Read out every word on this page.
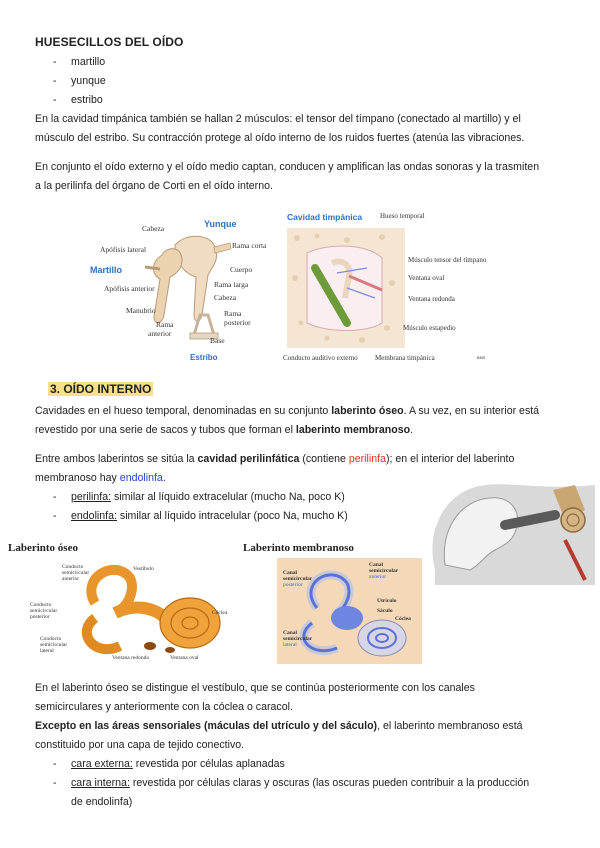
HUESECILLOS DEL OÍDO
- martillo
- yunque
- estribo
En la cavidad timpánica también se hallan 2 músculos: el tensor del tímpano (conectado al martillo) y el
músculo del estribo. Su contracción protege al oído interno de los ruidos fuertes (atenúa las vibraciones.
En conjunto el oído externo y el oído medio captan, conducen y amplifican las ondas sonoras y la trasmiten
a la perilinfa del órgano de Corti en el oído interno.
Cabeza	Yunque
Apófisis lateral
Martillo
Apófisis anterior
Manubrio
Rama
anterior
Rama corta
Cuerpo
Rama larga
Cabeza
Rama
posterior
Base
Estribo
Cavidad timpánica	Hueso temporal
Músculo tensor del tímpano
Ventana oval
Ventana redonda
Músculo estapedio
Conducto auditivo externo Membrana timpánica	ears
3. OÍDO INTERNO
Cavidades en el hueso temporal, denominadas en su conjunto laberinto óseo. A su vez, en su interior está
revestido por una serie de sacos y tubos que forman el laberinto membranoso.
Entre ambos laberintos se sitúa la cavidad perilinfática (contiene perilinfa); en el interior del laberinto
membranoso hay endolinfa.
- perilinfa: similar al líquido extracelular (mucho Na, poco K)
- endolinfa: similar al líquido intracelular (poco Na, mucho K)
Laberinto óseo	Laberinto membranoso
Conducto
semicircular
anterior
Vestíbulo
Conducto
semicircular
posterior
Cóclea
Conducto
semicircular
lateral
Ventana redonda	Ventana oval
Canal
semicircular
posterior
Canal
semicircular
anterior
Utrículo
Sáculo
Cóclea
Canal
semicircular
lateral
En el laberinto óseo se distingue el vestíbulo, que se continúa posteriormente con los canales
semicirculares y anteriormente con la cóclea o caracol.
Excepto en las áreas sensoriales (máculas del utrículo y del sáculo), el laberinto membranoso está
constituido por una capa de tejido conectivo.
- cara externa: revestida por células aplanadas
- cara interna: revestida por células claras y oscuras (las oscuras pueden contribuir a la producción
de endolinfa)
